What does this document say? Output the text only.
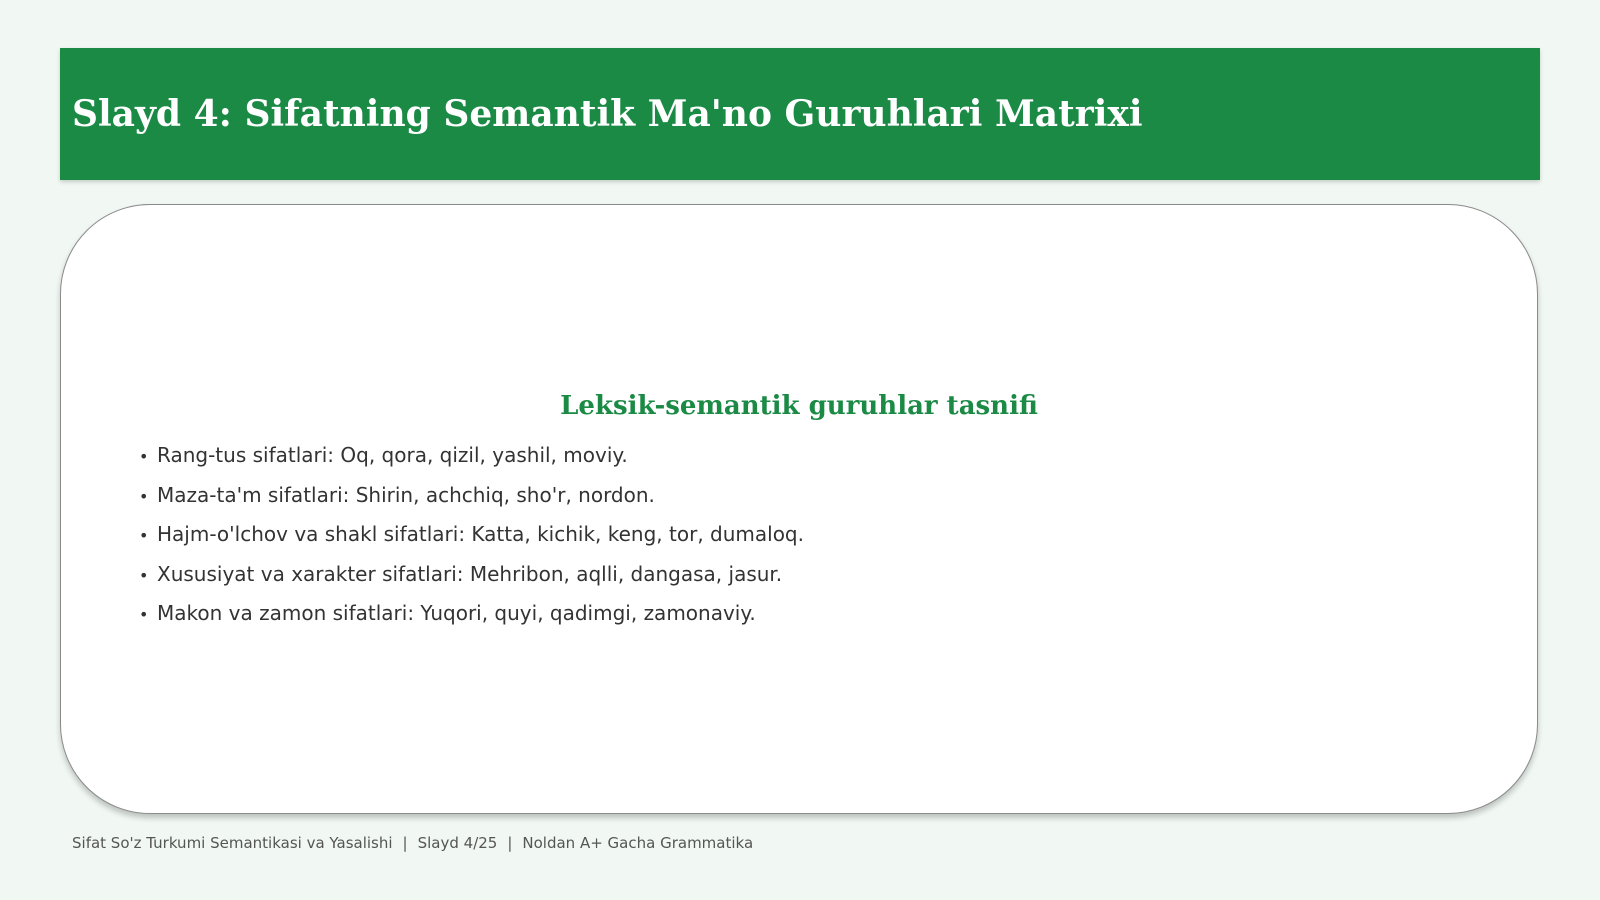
Slayd 4: Sifatning Semantik Ma'no Guruhlari Matrixi
Leksik-semantik guruhlar tasnifi
• Rang-tus sifatlari: Oq, qora, qizil, yashil, moviy.
• Maza-ta'm sifatlari: Shirin, achchiq, sho'r, nordon.
• Hajm-o'lchov va shakl sifatlari: Katta, kichik, keng, tor, dumaloq.
• Xususiyat va xarakter sifatlari: Mehribon, aqlli, dangasa, jasur.
• Makon va zamon sifatlari: Yuqori, quyi, qadimgi, zamonaviy.
Sifat So'z Turkumi Semantikasi va Yasalishi | Slayd 4/25 | Noldan A+ Gacha Grammatika
